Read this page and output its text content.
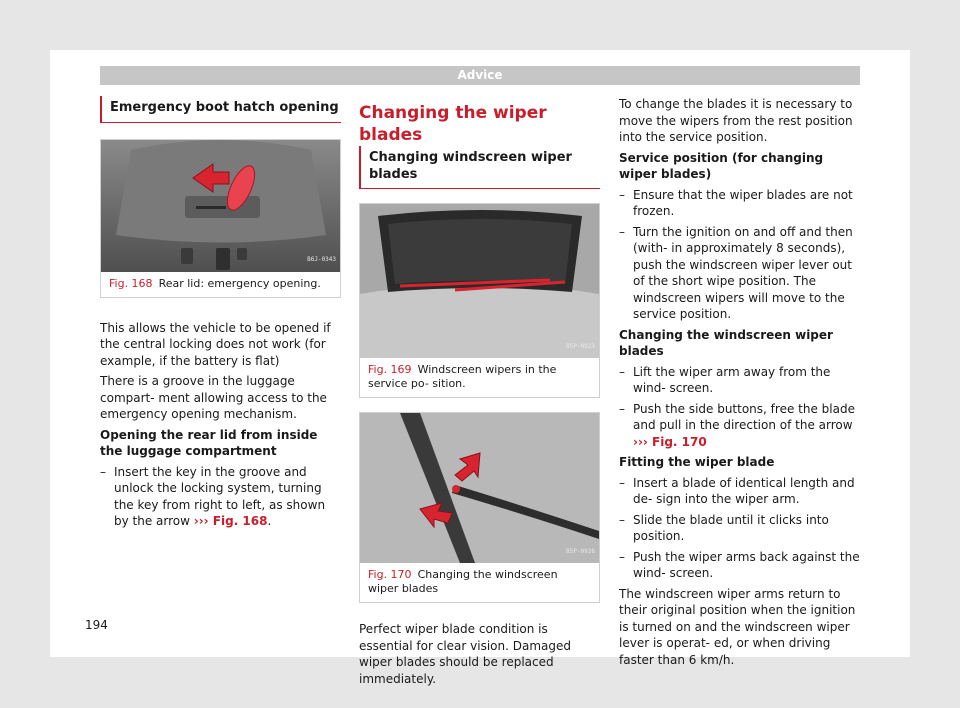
Advice
Emergency boot hatch opening
B6J-0343
Fig. 168 Rear lid: emergency opening.

This allows the vehicle to be opened if the central locking does not work (for example, if the battery is flat)

There is a groove in the luggage compart- ment allowing access to the emergency opening mechanism.

Opening the rear lid from inside the luggage compartment

– Insert the key in the groove and unlock the locking system, turning the key from right to left, as shown by the arrow ››› Fig. 168.
Changing the wiper blades
Changing windscreen wiper blades
B5P-0923
Fig. 169 Windscreen wipers in the service po- sition.
B5P-0926
Fig. 170 Changing the windscreen wiper blades

Perfect wiper blade condition is essential for clear vision. Damaged wiper blades should be replaced immediately.

To change the blades it is necessary to move the wipers from the rest position into the service position.

Service position (for changing wiper blades)

– Ensure that the wiper blades are not frozen.
– Turn the ignition on and off and then (with- in approximately 8 seconds), push the windscreen wiper lever out of the short wipe position. The windscreen wipers will move to the service position.

Changing the windscreen wiper blades

– Lift the wiper arm away from the wind- screen.
– Push the side buttons, free the blade and pull in the direction of the arrow ››› Fig. 170

Fitting the wiper blade

– Insert a blade of identical length and de- sign into the wiper arm.
– Slide the blade until it clicks into position.
– Push the wiper arms back against the wind- screen.

The windscreen wiper arms return to their original position when the ignition is turned on and the windscreen wiper lever is operat- ed, or when driving faster than 6 km/h.

194
